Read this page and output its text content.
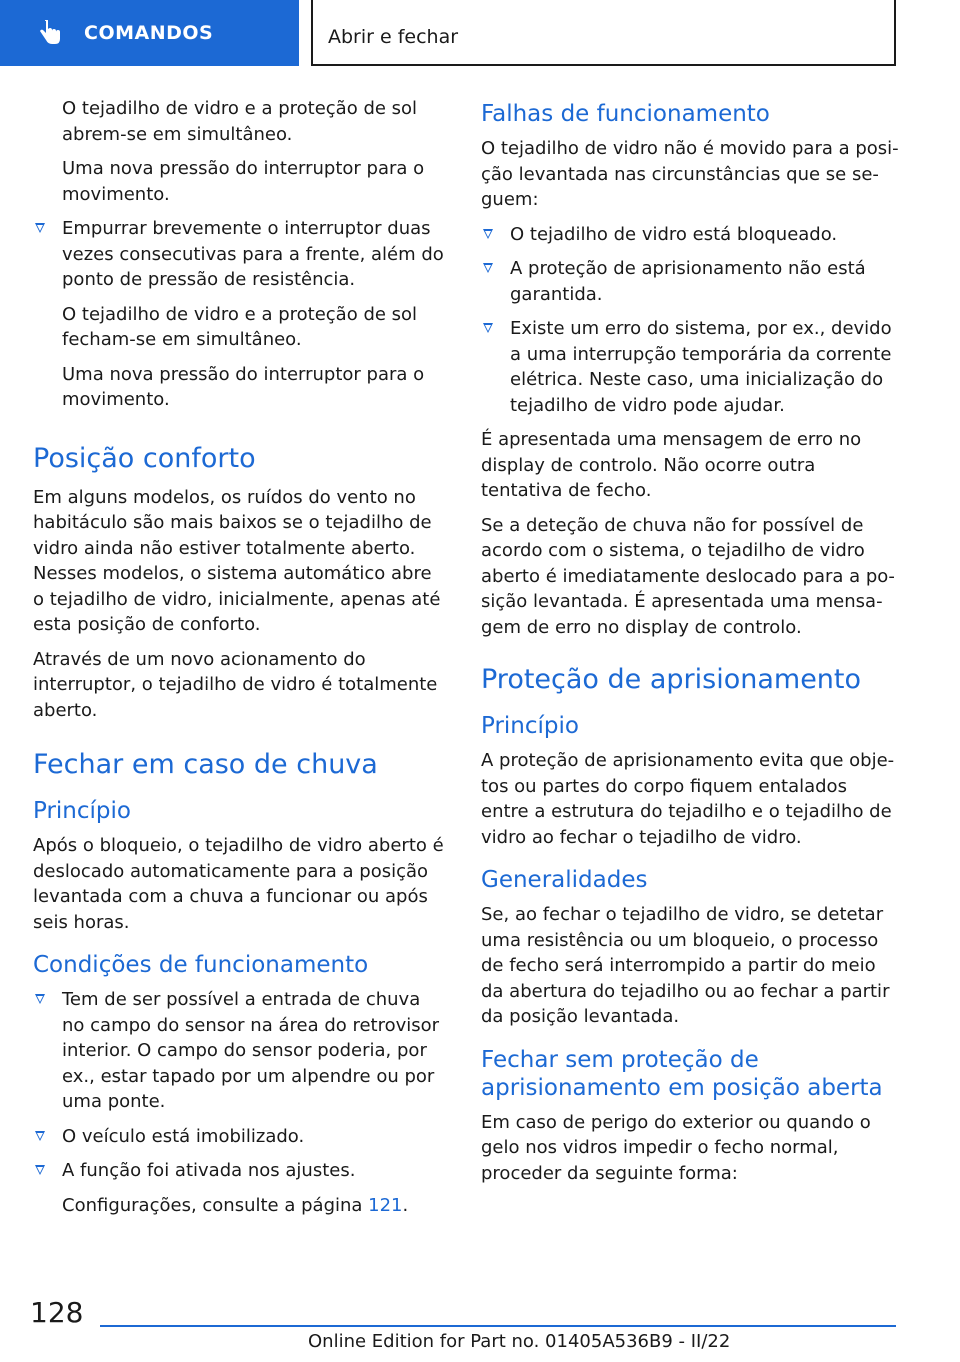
COMANDOS	Abrir e fechar

O tejadilho de vidro e a proteção de sol abrem-se em simultâneo.

Uma nova pressão do interruptor para o movimento.

Empurrar brevemente o interruptor duas vezes consecutivas para a frente, além do ponto de pressão de resistência.

O tejadilho de vidro e a proteção de sol fecham-se em simultâneo.

Uma nova pressão do interruptor para o movimento.

Posição conforto

Em alguns modelos, os ruídos do vento no habitáculo são mais baixos se o tejadilho de vidro ainda não estiver totalmente aberto. Nesses modelos, o sistema automático abre o tejadilho de vidro, inicialmente, apenas até esta posição de conforto.

Através de um novo acionamento do interruptor, o tejadilho de vidro é totalmente aberto.

Fechar em caso de chuva
Princípio

Após o bloqueio, o tejadilho de vidro aberto é deslocado automaticamente para a posição levantada com a chuva a funcionar ou após seis horas.

Condições de funcionamento
Tem de ser possível a entrada de chuva no campo do sensor na área do retrovisor interior. O campo do sensor poderia, por ex., estar tapado por um alpendre ou por uma ponte.
O veículo está imobilizado.
A função foi ativada nos ajustes.

Configurações, consulte a página 121.

Falhas de funcionamento

O tejadilho de vidro não é movido para a posição levantada nas circunstâncias que se seguem:

O tejadilho de vidro está bloqueado.
A proteção de aprisionamento não está garantida.
Existe um erro do sistema, por ex., devido a uma interrupção temporária da corrente elétrica. Neste caso, uma inicialização do tejadilho de vidro pode ajudar.

É apresentada uma mensagem de erro no display de controlo. Não ocorre outra tentativa de fecho.

Se a deteção de chuva não for possível de acordo com o sistema, o tejadilho de vidro aberto é imediatamente deslocado para a posição levantada. É apresentada uma mensagem de erro no display de controlo.

Proteção de aprisionamento
Princípio

A proteção de aprisionamento evita que objetos ou partes do corpo fiquem entalados entre a estrutura do tejadilho e o tejadilho de vidro ao fechar o tejadilho de vidro.

Generalidades

Se, ao fechar o tejadilho de vidro, se detetar uma resistência ou um bloqueio, o processo de fecho será interrompido a partir do meio da abertura do tejadilho ou ao fechar a partir da posição levantada.

Fechar sem proteção de aprisionamento em posição aberta

Em caso de perigo do exterior ou quando o gelo nos vidros impedir o fecho normal, proceder da seguinte forma:

128
Online Edition for Part no. 01405A536B9 - II/22
